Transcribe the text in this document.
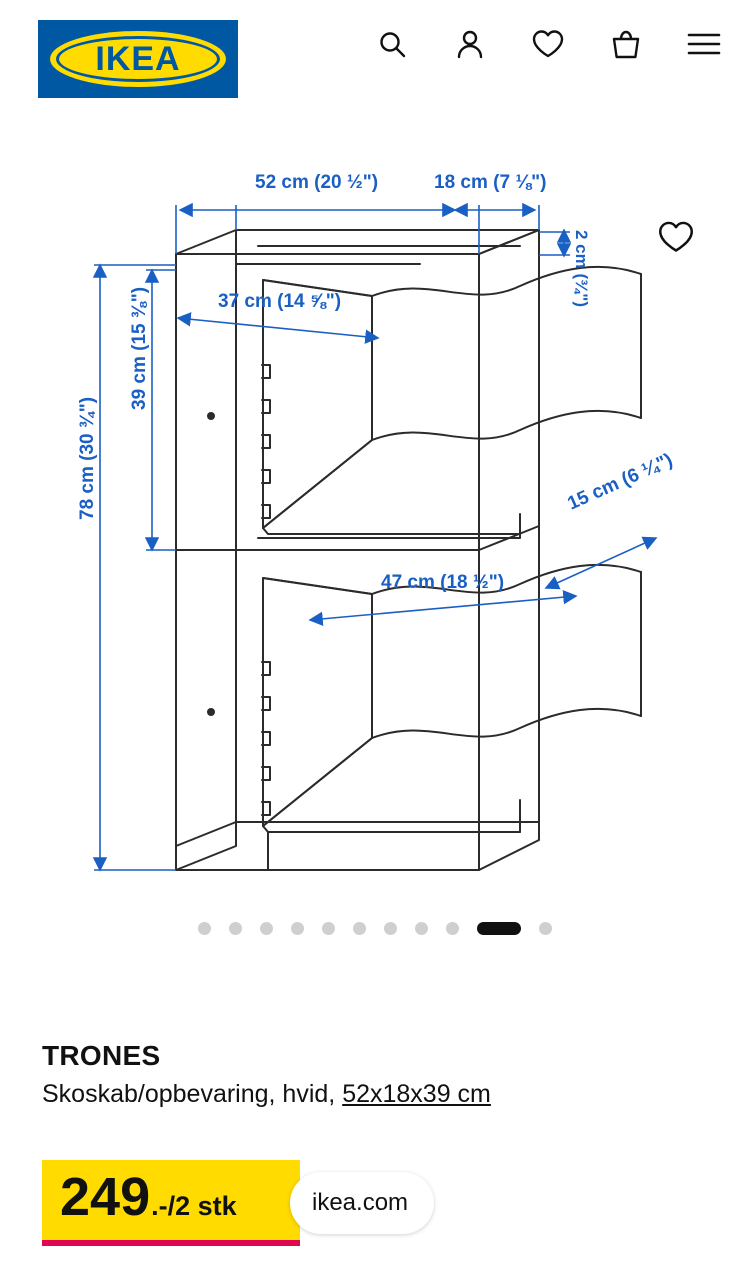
IKEA	®
52 cm (20 ½")	18 cm (7 ⅛")
2 cm (¾")
37 cm (14 ⅝")
39 cm (15 ⅜")
78 cm (30 ¾")
47 cm (18 ½")
15 cm (6 ¼")
TRONES
Skoskab/opbevaring, hvid, 52x18x39 cm
249 .-/2 stk	ikea.com
